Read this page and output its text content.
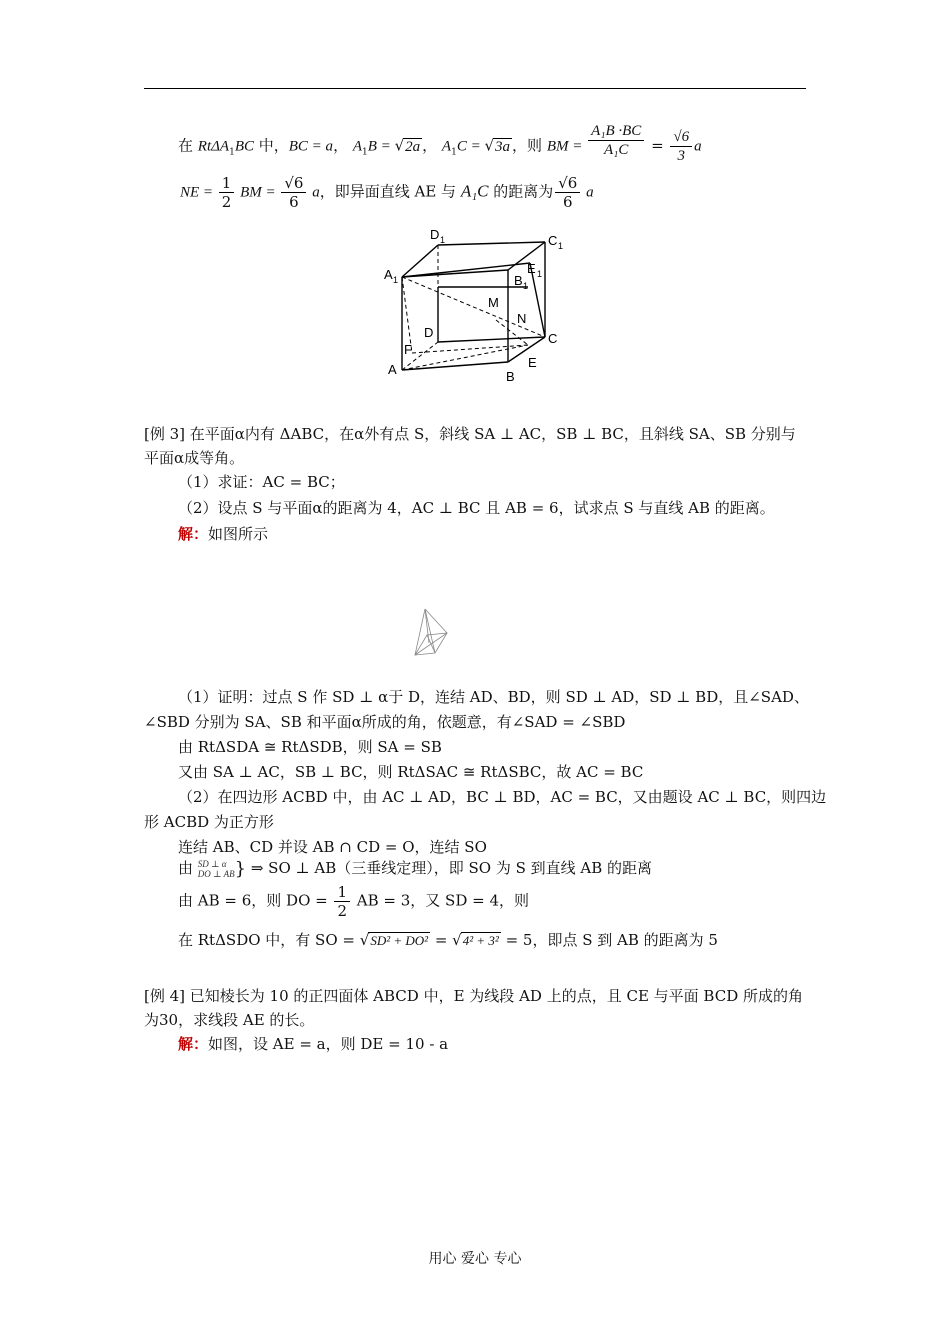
在 RtΔA$_1$BC 中，BC = a， $A_1B = √2a$ ， $A_1C = √3a$ ，则 BM = $\frac{\text{A₁B ·BC}}{\text{A₁C}} = \frac{√6}{3}$ a
NE = $\frac{1}{2}$ BM = $\frac{√6}{6}$ a，即异面直线 AE 与 A₁C 的距离为 $\frac{√6}{6}$ a
D 1	C 1
A 1
E 1
B 1
M
N
D	C
F
E
A	B
[例 3] 在平面α内有 ΔABC，在α外有点 S，斜线 SA ⊥ AC，SB ⊥ BC，且斜线 SA、SB 分别与
平面α成等角。
（1）求证：AC = BC；
（2）设点 S 与平面α的距离为 4，AC ⊥ BC 且 AB = 6，试求点 S 与直线 AB 的距离。
解：如图所示
（1）证明：过点 S 作 SD ⊥ α于 D，连结 AD、BD，则 SD ⊥ AD，SD ⊥ BD，且∠SAD、
∠SBD 分别为 SA、SB 和平面α所成的角，依题意，有∠SAD = ∠SBD
由 RtΔSDA ≅ RtΔSDB，则 SA = SB
又由 SA ⊥ AC，SB ⊥ BC，则 RtΔSAC ≅ RtΔSBC，故 AC = BC
（2）在四边形 ACBD 中，由 AC ⊥ AD，BC ⊥ BD，AC = BC，又由题设 AC ⊥ BC，则四边
形 ACBD 为正方形
连结 AB、CD 并设 AB ∩ CD = O，连结 SO
由 SD ⊥ α
DO ⊥ AB } ⇒ SO ⊥ AB（三垂线定理），即 SO 为 S 到直线 AB 的距离
由 AB = 6，则 DO = $\frac{1}{2}$ AB = 3，又 SD = 4，则
在 RtΔSDO 中，有 SO = √SD² + DO² = √4² + 3² = 5，即点 S 到 AB 的距离为 5
[例 4] 已知棱长为 10 的正四面体 ABCD 中，E 为线段 AD 上的点，且 CE 与平面 BCD 所成的角
为30，求线段 AE 的长。
解：如图，设 AE = a，则 DE = 10 - a
用心 爱心 专心
